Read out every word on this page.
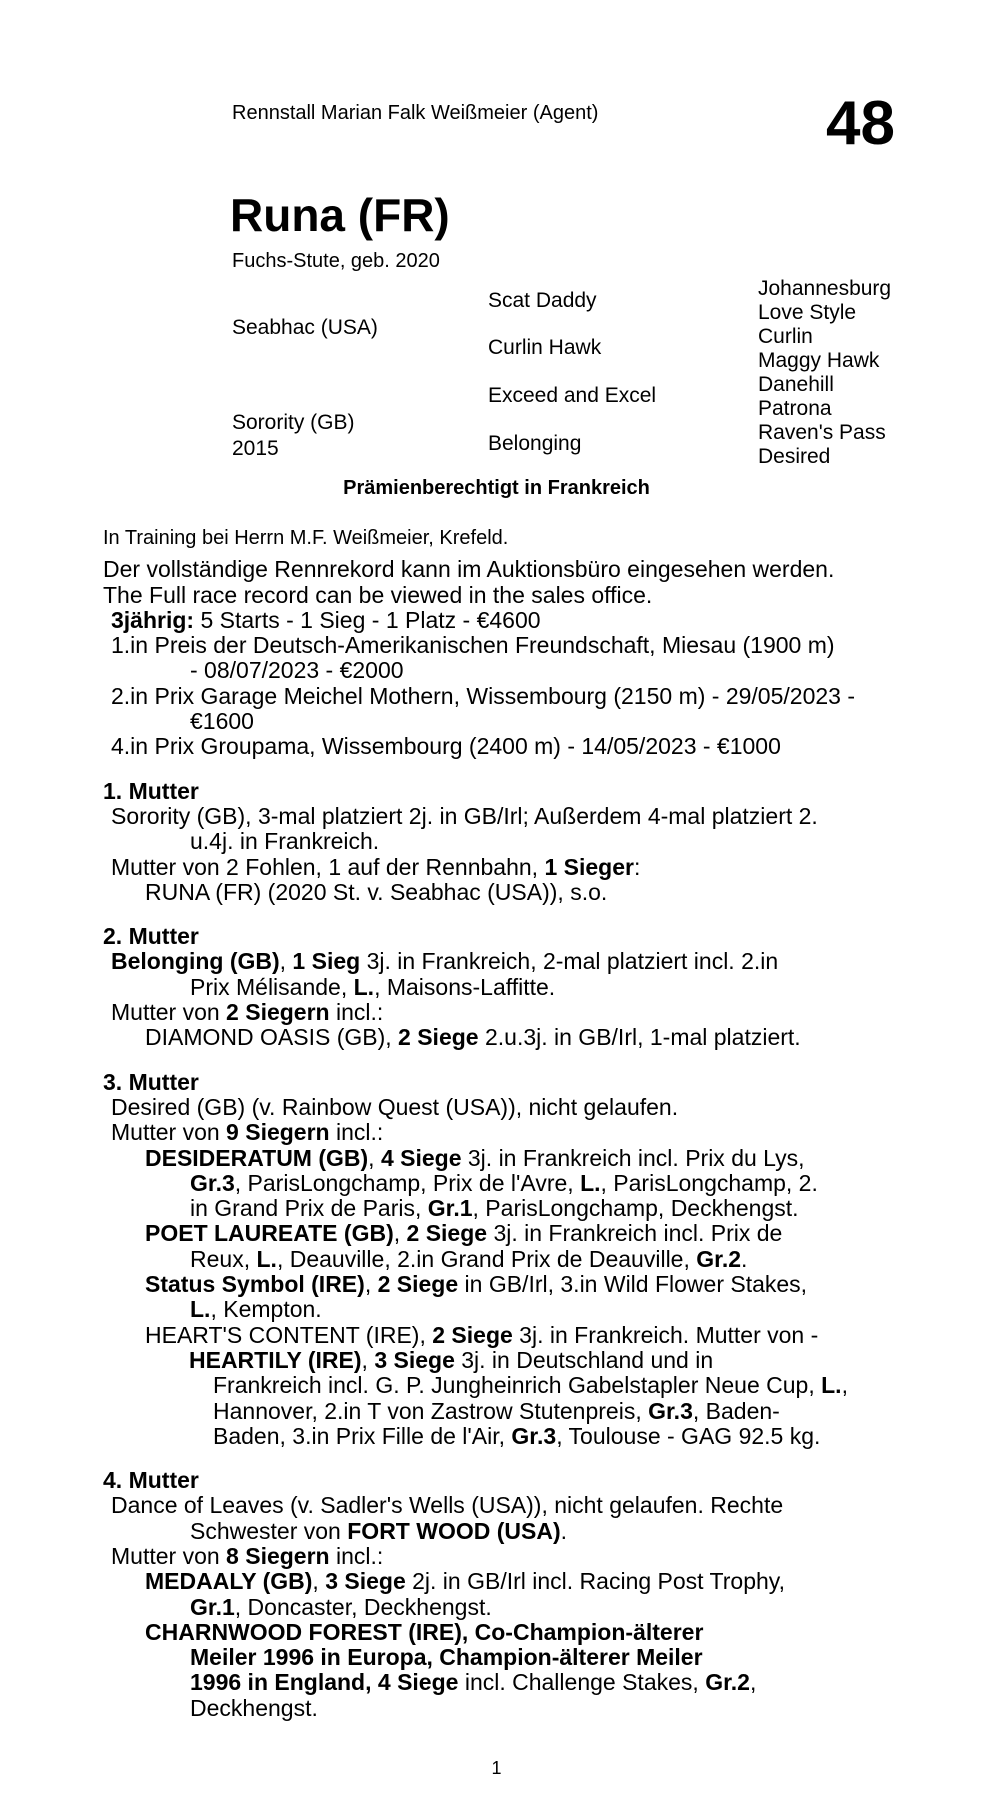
Rennstall Marian Falk Weißmeier (Agent)	48
Runa (FR)
Fuchs-Stute, geb. 2020
Seabhac (USA)
Sorority (GB)
2015
Scat Daddy
Curlin Hawk
Exceed and Excel
Belonging
Johannesburg
Love Style
Curlin
Maggy Hawk
Danehill
Patrona
Raven's Pass
Desired
Prämienberechtigt in Frankreich
In Training bei Herrn M.F. Weißmeier, Krefeld.
Der vollständige Rennrekord kann im Auktionsbüro eingesehen werden.
The Full race record can be viewed in the sales office.
3jährig: 5 Starts - 1 Sieg - 1 Platz - €4600
1.in Preis der Deutsch-Amerikanischen Freundschaft, Miesau (1900 m)
- 08/07/2023 - €2000
2.in Prix Garage Meichel Mothern, Wissembourg (2150 m) - 29/05/2023 -
€1600
4.in Prix Groupama, Wissembourg (2400 m) - 14/05/2023 - €1000
1. Mutter
Sorority (GB), 3-mal platziert 2j. in GB/Irl; Außerdem 4-mal platziert 2.
u.4j. in Frankreich.
Mutter von 2 Fohlen, 1 auf der Rennbahn, 1 Sieger:
RUNA (FR) (2020 St. v. Seabhac (USA)), s.o.
2. Mutter
Belonging (GB), 1 Sieg 3j. in Frankreich, 2-mal platziert incl. 2.in
Prix Mélisande, L., Maisons-Laffitte.
Mutter von 2 Siegern incl.:
DIAMOND OASIS (GB), 2 Siege 2.u.3j. in GB/Irl, 1-mal platziert.
3. Mutter
Desired (GB) (v. Rainbow Quest (USA)), nicht gelaufen.
Mutter von 9 Siegern incl.:
DESIDERATUM (GB), 4 Siege 3j. in Frankreich incl. Prix du Lys,
Gr.3, ParisLongchamp, Prix de l'Avre, L., ParisLongchamp, 2.
in Grand Prix de Paris, Gr.1, ParisLongchamp, Deckhengst.
POET LAUREATE (GB), 2 Siege 3j. in Frankreich incl. Prix de
Reux, L., Deauville, 2.in Grand Prix de Deauville, Gr.2.
Status Symbol (IRE), 2 Siege in GB/Irl, 3.in Wild Flower Stakes,
L., Kempton.
HEART'S CONTENT (IRE), 2 Siege 3j. in Frankreich. Mutter von -
HEARTILY (IRE), 3 Siege 3j. in Deutschland und in
Frankreich incl. G. P. Jungheinrich Gabelstapler Neue Cup, L.,
Hannover, 2.in T von Zastrow Stutenpreis, Gr.3, Baden-
Baden, 3.in Prix Fille de l'Air, Gr.3, Toulouse - GAG 92.5 kg.
4. Mutter
Dance of Leaves (v. Sadler's Wells (USA)), nicht gelaufen. Rechte
Schwester von FORT WOOD (USA).
Mutter von 8 Siegern incl.:
MEDAALY (GB), 3 Siege 2j. in GB/Irl incl. Racing Post Trophy,
Gr.1, Doncaster, Deckhengst.
CHARNWOOD FOREST (IRE), Co-Champion-älterer
Meiler 1996 in Europa, Champion-älterer Meiler
1996 in England, 4 Siege incl. Challenge Stakes, Gr.2,
Deckhengst.
1
